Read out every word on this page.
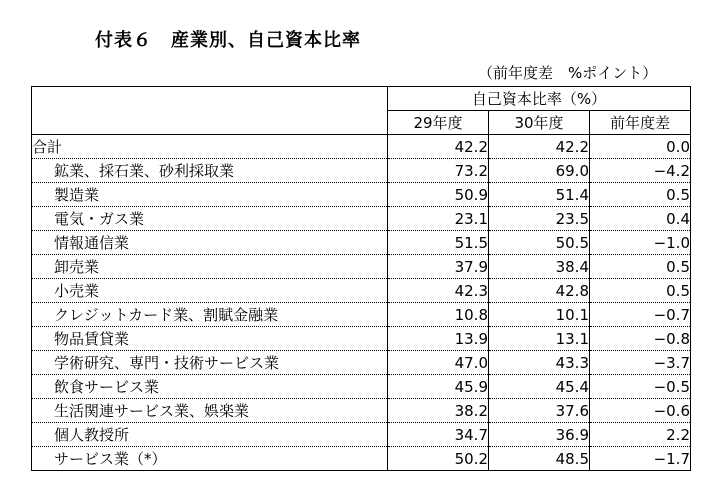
付表６　産業別、自己資本比率
（前年度差　%ポイント）
	自己資本比率（%）		
	29年度	30年度	前年度差
合計	42.2	42.2	0.0
鉱業、採石業、砂利採取業	73.2	69.0	−4.2
製造業	50.9	51.4	0.5
電気・ガス業	23.1	23.5	0.4
情報通信業	51.5	50.5	−1.0
卸売業	37.9	38.4	0.5
小売業	42.3	42.8	0.5
クレジットカード業、割賦金融業	10.8	10.1	−0.7
物品賃貸業	13.9	13.1	−0.8
学術研究、専門・技術サービス業	47.0	43.3	−3.7
飲食サービス業	45.9	45.4	−0.5
生活関連サービス業、娯楽業	38.2	37.6	−0.6
個人教授所	34.7	36.9	2.2
サービス業（*）	50.2	48.5	−1.7
